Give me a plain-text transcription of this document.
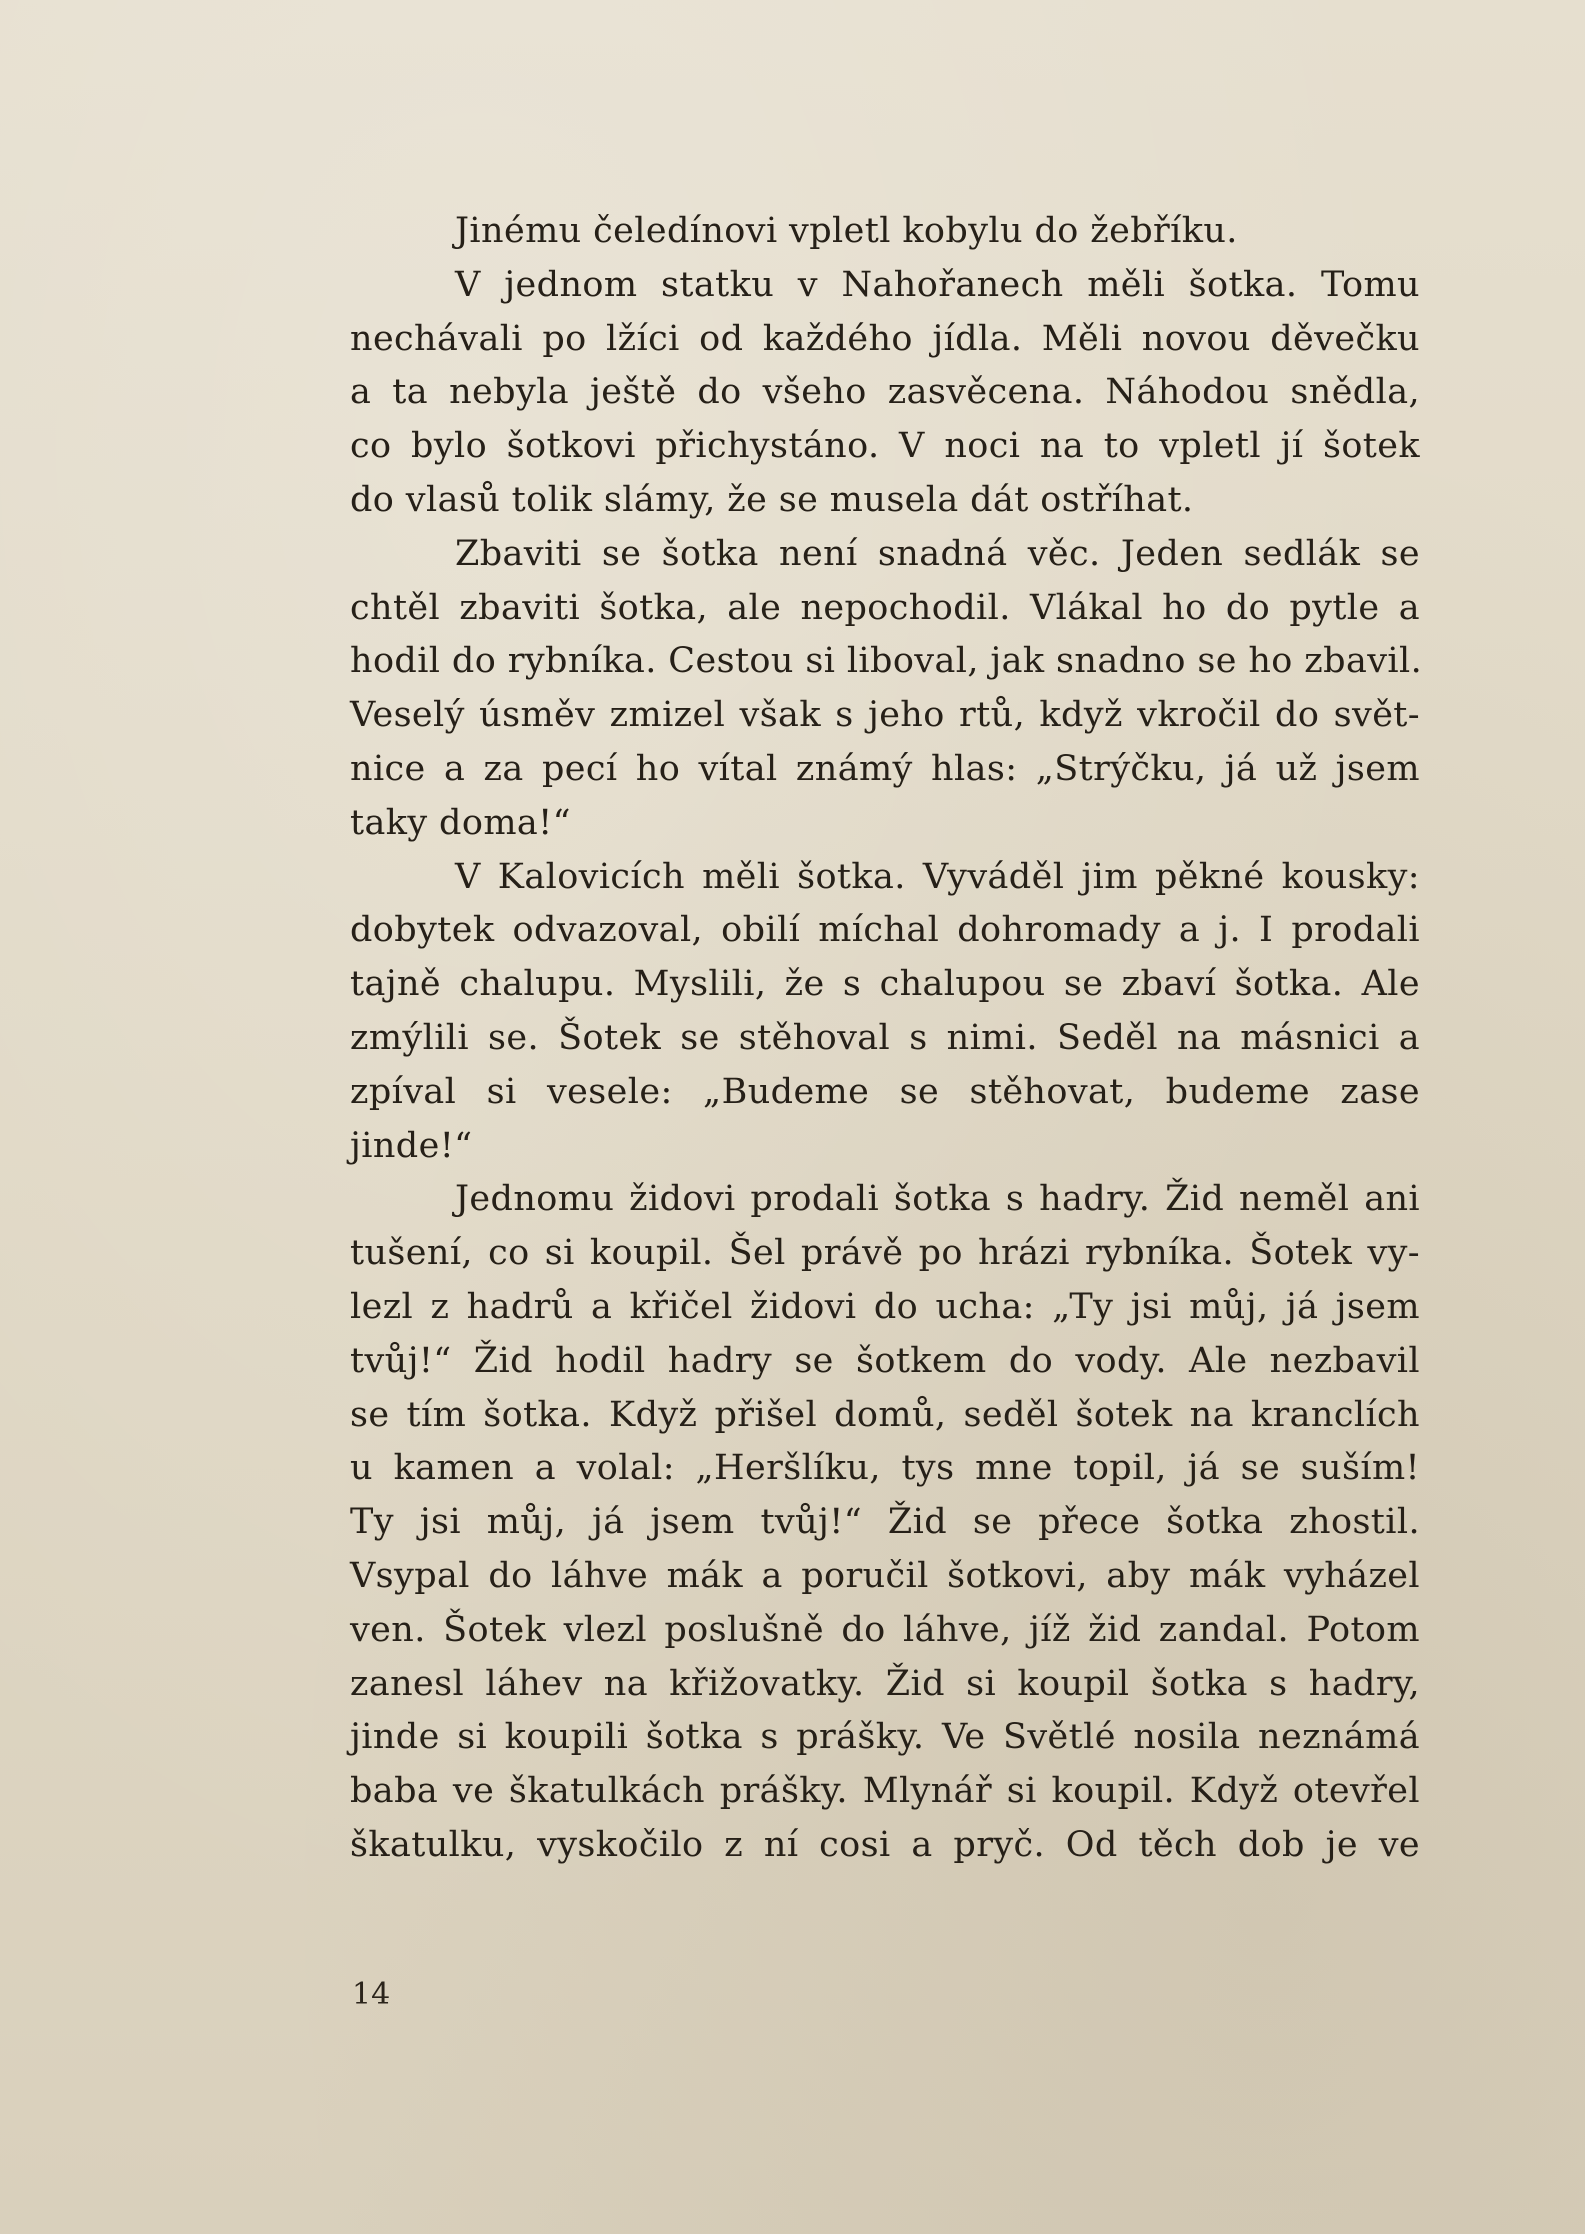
Jinému čeledínovi vpletl kobylu do žebříku.
V jednom statku v Nahořanech měli šotka. Tomu
nechávali po lžíci od každého jídla. Měli novou děvečku
a ta nebyla ještě do všeho zasvěcena. Náhodou snědla,
co bylo šotkovi přichystáno. V noci na to vpletl jí šotek
do vlasů tolik slámy, že se musela dát ostříhat.
Zbaviti se šotka není snadná věc. Jeden sedlák se
chtěl zbaviti šotka, ale nepochodil. Vlákal ho do pytle a
hodil do rybníka. Cestou si liboval, jak snadno se ho zbavil.
Veselý úsměv zmizel však s jeho rtů, když vkročil do svět-
nice a za pecí ho vítal známý hlas: „Strýčku, já už jsem
taky doma!“
V Kalovicích měli šotka. Vyváděl jim pěkné kousky:
dobytek odvazoval, obilí míchal dohromady a j. I prodali
tajně chalupu. Myslili, že s chalupou se zbaví šotka. Ale
zmýlili se. Šotek se stěhoval s nimi. Seděl na másnici a
zpíval si vesele: „Budeme se stěhovat, budeme zase
jinde!“
Jednomu židovi prodali šotka s hadry. Žid neměl ani
tušení, co si koupil. Šel právě po hrázi rybníka. Šotek vy-
lezl z hadrů a křičel židovi do ucha: „Ty jsi můj, já jsem
tvůj!“ Žid hodil hadry se šotkem do vody. Ale nezbavil
se tím šotka. Když přišel domů, seděl šotek na kranclích
u kamen a volal: „Heršlíku, tys mne topil, já se suším!
Ty jsi můj, já jsem tvůj!“ Žid se přece šotka zhostil.
Vsypal do láhve mák a poručil šotkovi, aby mák vyházel
ven. Šotek vlezl poslušně do láhve, jíž žid zandal. Potom
zanesl láhev na křižovatky. Žid si koupil šotka s hadry,
jinde si koupili šotka s prášky. Ve Světlé nosila neznámá
baba ve škatulkách prášky. Mlynář si koupil. Když otevřel
škatulku, vyskočilo z ní cosi a pryč. Od těch dob je ve
14
